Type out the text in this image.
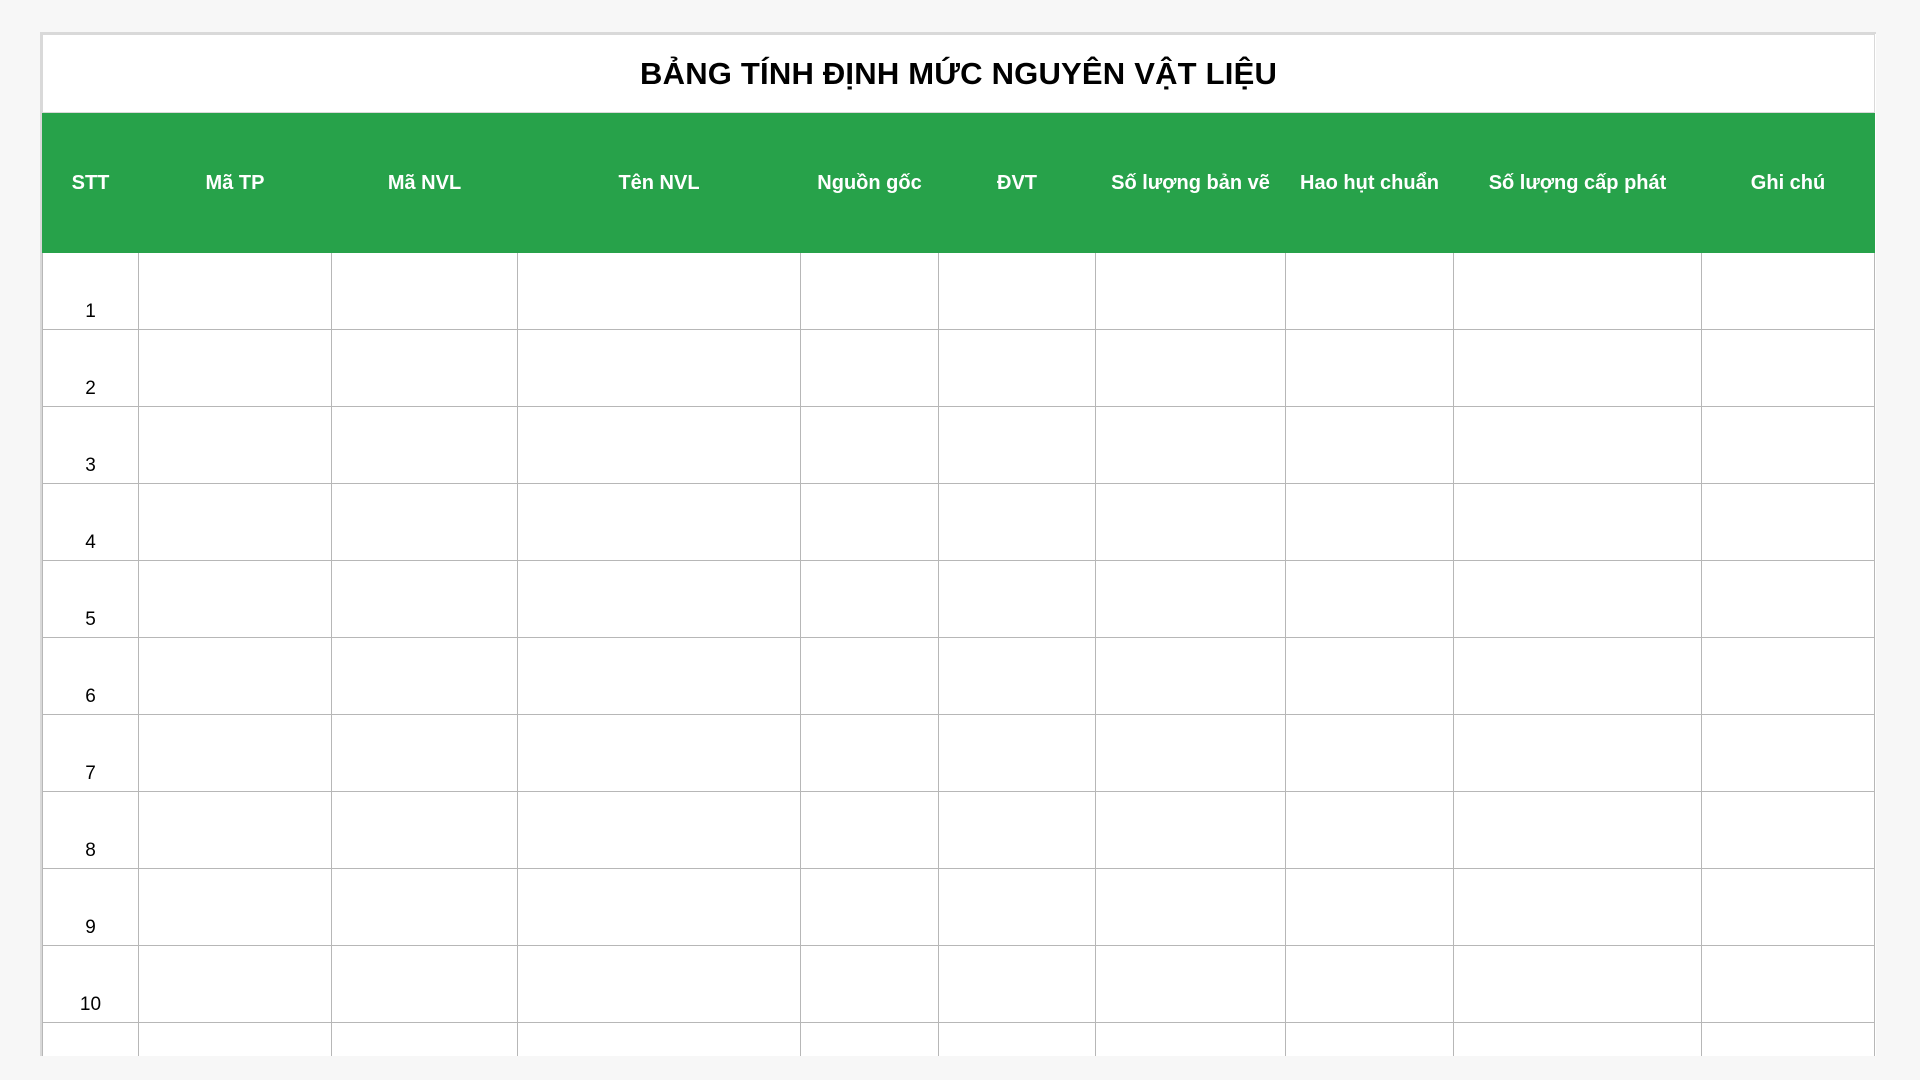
BẢNG TÍNH ĐỊNH MỨC NGUYÊN VẬT LIỆU									
STT	Mã TP	Mã NVL	Tên NVL	Nguồn gốc	ĐVT	Số lượng bản vẽ	Hao hụt chuẩn	Số lượng cấp phát	Ghi chú
1									
2									
3									
4									
5									
6									
7									
8									
9									
10									
